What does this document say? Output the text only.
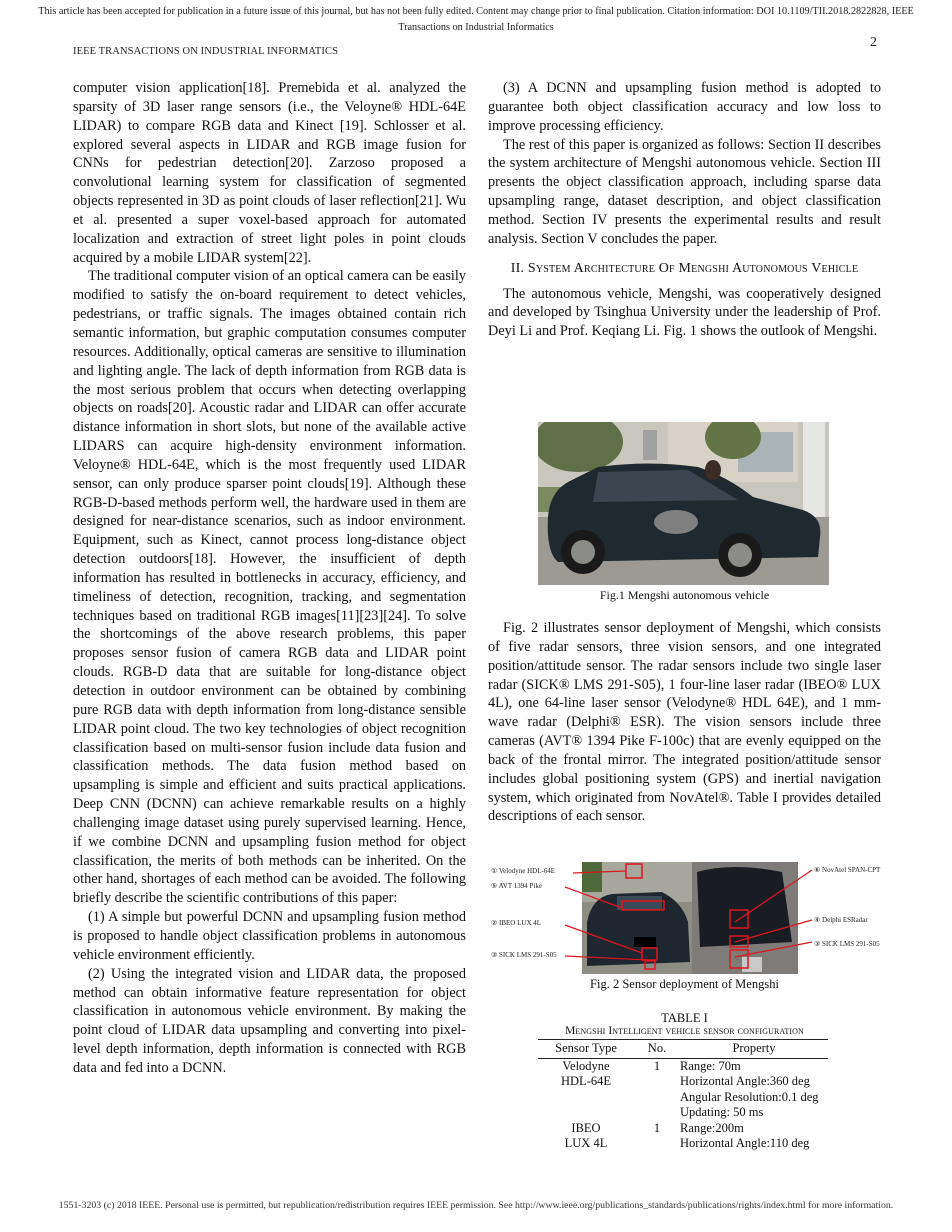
This article has been accepted for publication in a future issue of this journal, but has not been fully edited. Content may change prior to final publication. Citation information: DOI 10.1109/TII.2018.2822828, IEEE
Transactions on Industrial Informatics
IEEE TRANSACTIONS ON INDUSTRIAL INFORMATICS
2

computer vision application[18]. Premebida et al. analyzed the sparsity of 3D laser range sensors (i.e., the Veloyne® HDL-64E LIDAR) to compare RGB data and Kinect [19]. Schlosser et al. explored several aspects in LIDAR and RGB image fusion for CNNs for pedestrian detection[20]. Zarzoso proposed a convolutional learning system for classification of segmented objects represented in 3D as point clouds of laser reflection[21]. Wu et al. presented a super voxel-based approach for automated localization and extraction of street light poles in point clouds acquired by a mobile LIDAR system[22].

The traditional computer vision of an optical camera can be easily modified to satisfy the on-board requirement to detect vehicles, pedestrians, or traffic signals. The images obtained contain rich semantic information, but graphic computation consumes computer resources. Additionally, optical cameras are sensitive to illumination and lighting angle. The lack of depth information from RGB data is the most serious problem that occurs when detecting overlapping objects on roads[20]. Acoustic radar and LIDAR can offer accurate distance information in short slots, but none of the available active LIDARS can acquire high-density environment information. Veloyne® HDL-64E, which is the most frequently used LIDAR sensor, can only produce sparser point clouds[19]. Although these RGB-D-based methods perform well, the hardware used in them are designed for near-distance scenarios, such as indoor environment. Equipment, such as Kinect, cannot process long-distance object detection outdoors[18]. However, the insufficient of depth information has resulted in bottlenecks in accuracy, efficiency, and timeliness of detection, recognition, tracking, and segmentation techniques based on traditional RGB images[11][23][24]. To solve the shortcomings of the above research problems, this paper proposes sensor fusion of camera RGB data and LIDAR point clouds. RGB-D data that are suitable for long-distance object detection in outdoor environment can be obtained by combining pure RGB data with depth information from long-distance sensible LIDAR point cloud. The two key technologies of object recognition classification based on multi-sensor fusion include data fusion and classification methods. The data fusion method based on upsampling is simple and efficient and suits practical applications. Deep CNN (DCNN) can achieve remarkable results on a highly challenging image dataset using purely supervised learning. Hence, if we combine DCNN and upsampling fusion method for object classification, the merits of both methods can be inherited. On the other hand, shortages of each method can be avoided. The following briefly describe the scientific contributions of this paper:

(1) A simple but powerful DCNN and upsampling fusion method is proposed to handle object classification problems in autonomous vehicle environment efficiently.

(2) Using the integrated vision and LIDAR data, the proposed method can obtain informative feature representation for object classification in autonomous vehicle environment. By making the point cloud of LIDAR data upsampling and converting into pixel-level depth information, depth information is connected with RGB data and fed into a DCNN.

(3) A DCNN and upsampling fusion method is adopted to guarantee both object classification accuracy and low loss to improve processing efficiency.

The rest of this paper is organized as follows: Section II describes the system architecture of Mengshi autonomous vehicle. Section III presents the object classification approach, including sparse data upsampling range, dataset description, and object classification method. Section IV presents the experimental results and result analysis. Section V concludes the paper.

II. System Architecture Of Mengshi Autonomous Vehicle

The autonomous vehicle, Mengshi, was cooperatively designed and developed by Tsinghua University under the leadership of Prof. Deyi Li and Prof. Keqiang Li. Fig. 1 shows the outlook of Mengshi.

Fig.1 Mengshi autonomous vehicle

Fig. 2 illustrates sensor deployment of Mengshi, which consists of five radar sensors, three vision sensors, and one integrated position/attitude sensor. The radar sensors include two single laser radar (SICK® LMS 291-S05), 1 four-line laser radar (IBEO® LUX 4L), one 64-line laser sensor (Velodyne® HDL 64E), and 1 mm-wave radar (Delphi® ESR). The vision sensors include three cameras (AVT® 1394 Pike F-100c) that are evenly equipped on the back of the frontal mirror. The integrated position/attitude sensor includes global positioning system (GPS) and inertial navigation system, which originated from NovAtel®. Table I provides detailed descriptions of each sensor.

① Velodyne HDL-64E
⑤ AVT 1394 Pike
② IBEO LUX 4L
③ SICK LMS 291-S05
⑥ NovAtel SPAN-CPT
④ Delphi ESRadar
③ SICK LMS 291-S05
Fig. 2 Sensor deployment of Mengshi
TABLE I
Mengshi Intelligent vehicle sensor configuration
Sensor Type	No.	Property

Velodyne
HDL-64E
	1	Range: 70m
Horizontal Angle:360 deg
Angular Resolution:0.1 deg
Updating: 50 ms

IBEO
LUX 4L
	1	Range:200m
Horizontal Angle:110 deg
1551-3203 (c) 2018 IEEE. Personal use is permitted, but republication/redistribution requires IEEE permission. See http://www.ieee.org/publications_standards/publications/rights/index.html for more information.
